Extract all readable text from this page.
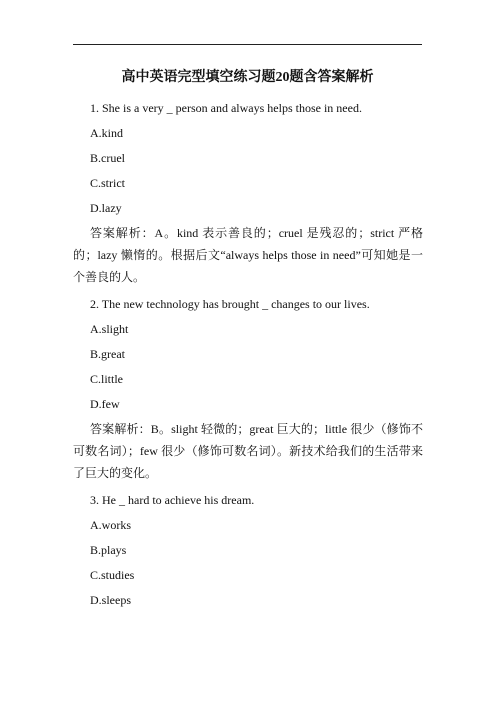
高中英语完型填空练习题20题含答案解析

1. She is a very _ person and always helps those in need.

A.kind

B.cruel

C.strict

D.lazy

答案解析：A。kind 表示善良的；cruel 是残忍的；strict 严格的；lazy 懒惰的。根据后文“always helps those in need”可知她是一个善良的人。

2. The new technology has brought _ changes to our lives.

A.slight

B.great

C.little

D.few

答案解析：B。slight 轻微的；great 巨大的；little 很少（修饰不可数名词）；few 很少（修饰可数名词）。新技术给我们的生活带来了巨大的变化。

3. He _ hard to achieve his dream.

A.works

B.plays

C.studies

D.sleeps
